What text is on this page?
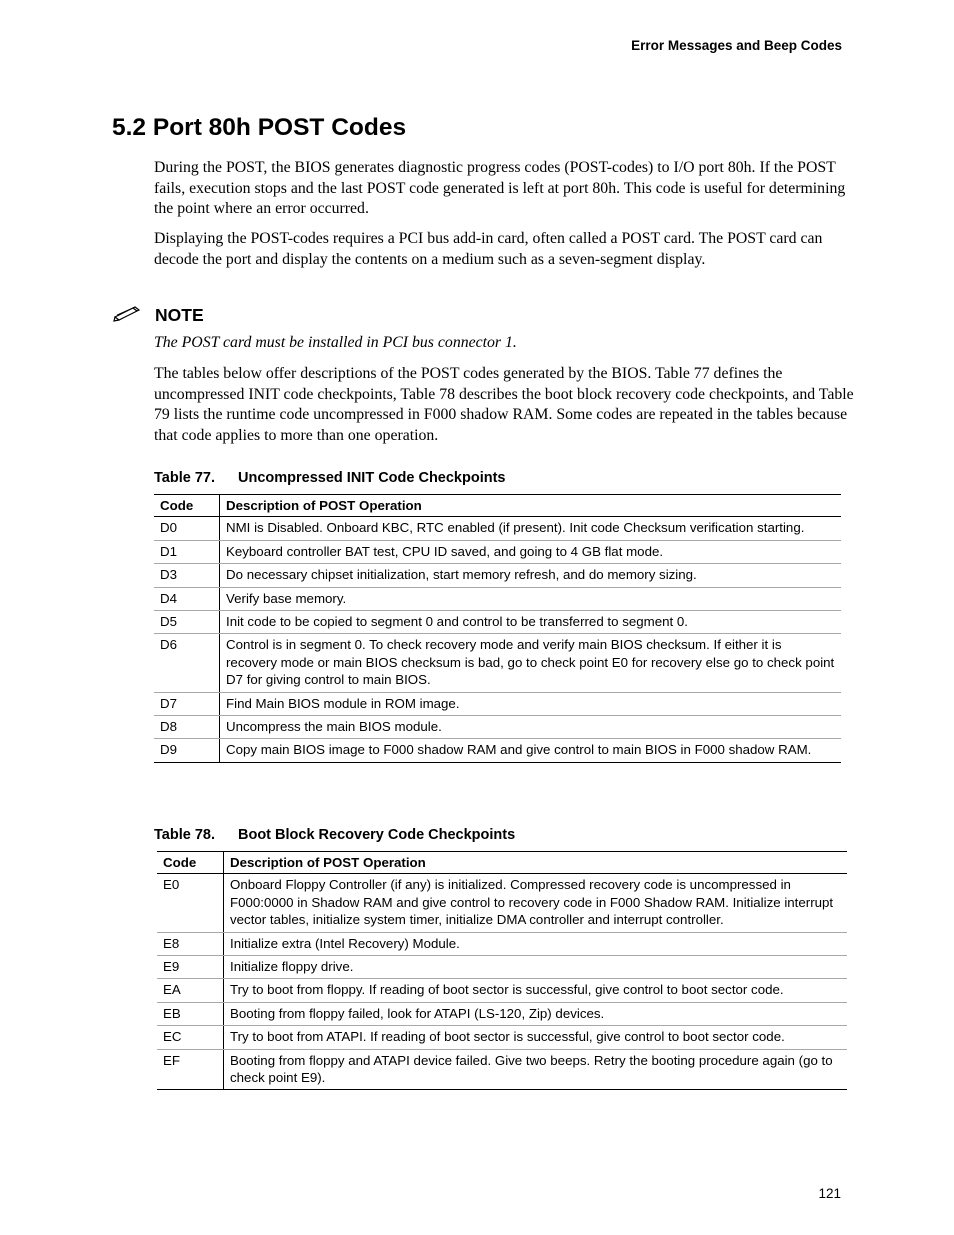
Error Messages and Beep Codes
5.2 Port 80h POST Codes
During the POST, the BIOS generates diagnostic progress codes (POST-codes) to I/O port 80h. If the POST fails, execution stops and the last POST code generated is left at port 80h. This code is useful for determining the point where an error occurred.
Displaying the POST-codes requires a PCI bus add-in card, often called a POST card. The POST card can decode the port and display the contents on a medium such as a seven-segment display.
NOTE
The POST card must be installed in PCI bus connector 1.
The tables below offer descriptions of the POST codes generated by the BIOS. Table 77 defines the uncompressed INIT code checkpoints, Table 78 describes the boot block recovery code checkpoints, and Table 79 lists the runtime code uncompressed in F000 shadow RAM. Some codes are repeated in the tables because that code applies to more than one operation.
Table 77. Uncompressed INIT Code Checkpoints
Code	Description of POST Operation
D0	NMI is Disabled. Onboard KBC, RTC enabled (if present). Init code Checksum verification starting.
D1	Keyboard controller BAT test, CPU ID saved, and going to 4 GB flat mode.
D3	Do necessary chipset initialization, start memory refresh, and do memory sizing.
D4	Verify base memory.
D5	Init code to be copied to segment 0 and control to be transferred to segment 0.
D6	Control is in segment 0. To check recovery mode and verify main BIOS checksum. If either it is recovery mode or main BIOS checksum is bad, go to check point E0 for recovery else go to check point D7 for giving control to main BIOS.
D7	Find Main BIOS module in ROM image.
D8	Uncompress the main BIOS module.
D9	Copy main BIOS image to F000 shadow RAM and give control to main BIOS in F000 shadow RAM.
Table 78. Boot Block Recovery Code Checkpoints
Code	Description of POST Operation
E0	Onboard Floppy Controller (if any) is initialized. Compressed recovery code is uncompressed in F000:0000 in Shadow RAM and give control to recovery code in F000 Shadow RAM. Initialize interrupt vector tables, initialize system timer, initialize DMA controller and interrupt controller.
E8	Initialize extra (Intel Recovery) Module.
E9	Initialize floppy drive.
EA	Try to boot from floppy. If reading of boot sector is successful, give control to boot sector code.
EB	Booting from floppy failed, look for ATAPI (LS-120, Zip) devices.
EC	Try to boot from ATAPI. If reading of boot sector is successful, give control to boot sector code.
EF	Booting from floppy and ATAPI device failed. Give two beeps. Retry the booting procedure again (go to check point E9).
121
